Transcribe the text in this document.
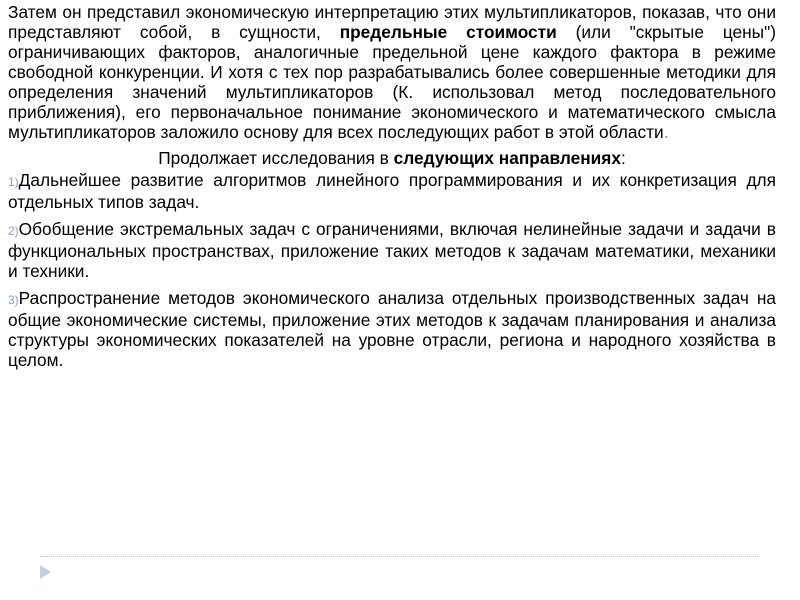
Затем он представил экономическую интерпретацию этих мультипликаторов, показав, что они представляют собой, в сущности, предельные стоимости (или "скрытые цены") ограничивающих факторов, аналогичные предельной цене каждого фактора в режиме свободной конкуренции. И хотя с тех пор разрабатывались более совершенные методики для определения значений мультипликаторов (К. использовал метод последовательного приближения), его первоначальное понимание экономического и математического смысла мультипликаторов заложило основу для всех последующих работ в этой области.

Продолжает исследования в следующих направлениях:

1)Дальнейшее развитие алгоритмов линейного программирования и их конкретизация для отдельных типов задач.

2)Обобщение экстремальных задач с ограничениями, включая нелинейные задачи и задачи в функциональных пространствах, приложение таких методов к задачам математики, механики и техники.

3)Распространение методов экономического анализа отдельных производственных задач на общие экономические системы, приложение этих методов к задачам планирования и анализа структуры экономических показателей на уровне отрасли, региона и народного хозяйства в целом.
